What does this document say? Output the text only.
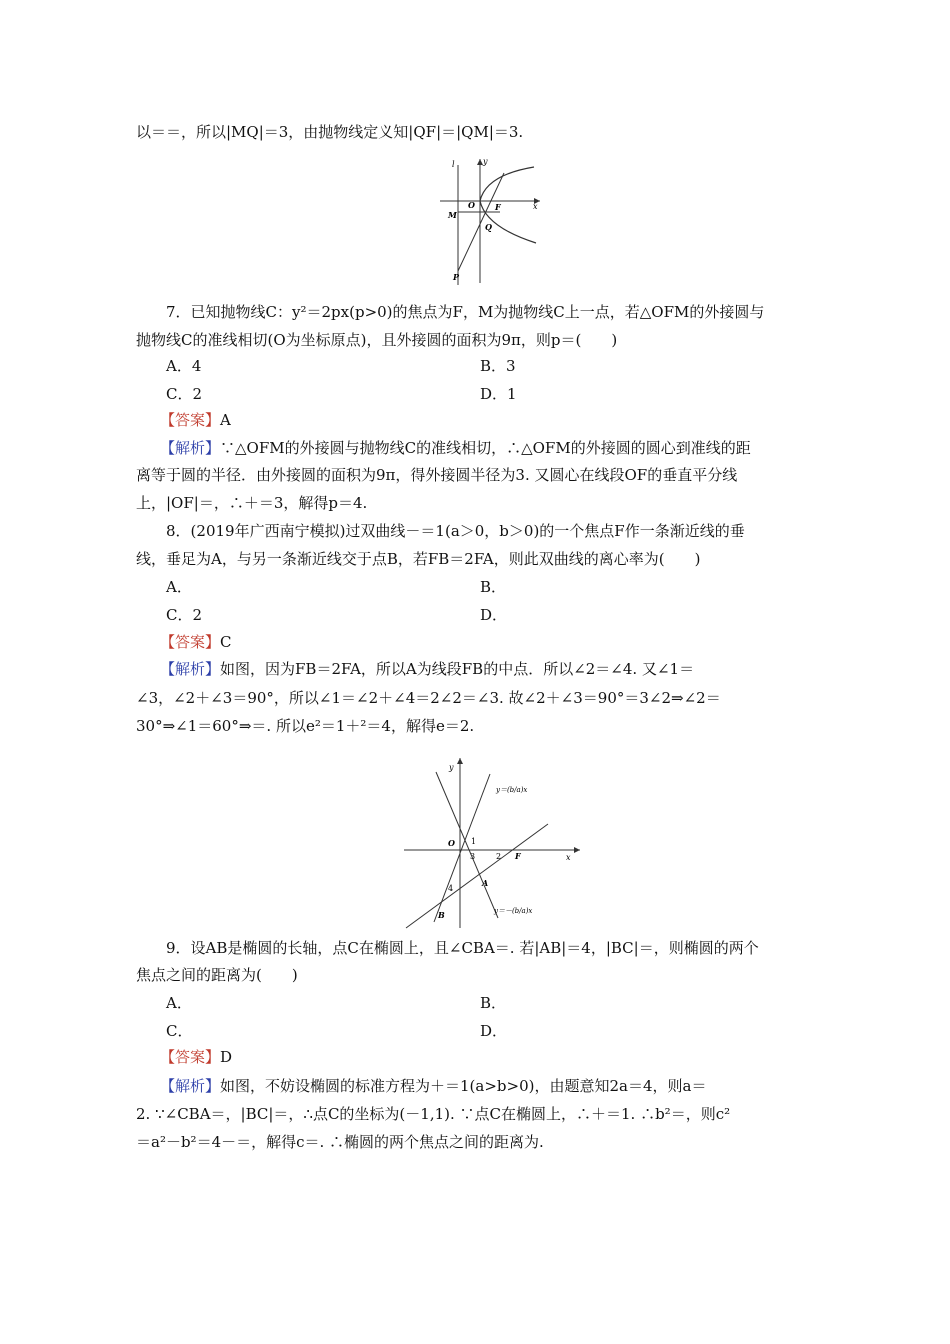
以＝＝，所以|MQ|＝3，由抛物线定义知|QF|＝|QM|＝3.
l	y
x
O	F
M
Q
P
7．已知抛物线C：y²＝2px(p>0)的焦点为F，M为抛物线C上一点，若△OFM的外接圆与
抛物线C的准线相切(O为坐标原点)，且外接圆的面积为9π，则p＝(　　)
A．4	B．3
C．2	D．1
【答案】A
【解析】∵△OFM的外接圆与抛物线C的准线相切，∴△OFM的外接圆的圆心到准线的距
离等于圆的半径．由外接圆的面积为9π，得外接圆半径为3. 又圆心在线段OF的垂直平分线
上，|OF|＝，∴＋＝3，解得p＝4.
8．(2019年广西南宁模拟)过双曲线－＝1(a＞0，b＞0)的一个焦点F作一条渐近线的垂
线，垂足为A，与另一条渐近线交于点B，若FB＝2FA，则此双曲线的离心率为(　　)
A．	B．
C．2	D．
【答案】C
【解析】如图，因为FB＝2FA，所以A为线段FB的中点．所以∠2＝∠4. 又∠1＝
∠3，∠2＋∠3＝90°，所以∠1＝∠2＋∠4＝2∠2＝∠3. 故∠2＋∠3＝90°＝3∠2⇒∠2＝
30°⇒∠1＝60°⇒＝. 所以e²＝1＋²＝4，解得e＝2.
y
x
O
F
A
B
1
2
3
4
y＝(b/a)x
y＝－(b/a)x
9．设AB是椭圆的长轴，点C在椭圆上，且∠CBA＝. 若|AB|＝4，|BC|＝，则椭圆的两个
焦点之间的距离为(　　)
A．	B．
C．	D．
【答案】D
【解析】如图，不妨设椭圆的标准方程为＋＝1(a>b>0)，由题意知2a＝4，则a＝
2. ∵∠CBA＝，|BC|＝，∴点C的坐标为(－1,1). ∵点C在椭圆上，∴＋＝1. ∴b²＝，则c²
＝a²－b²＝4－＝，解得c＝. ∴椭圆的两个焦点之间的距离为.
